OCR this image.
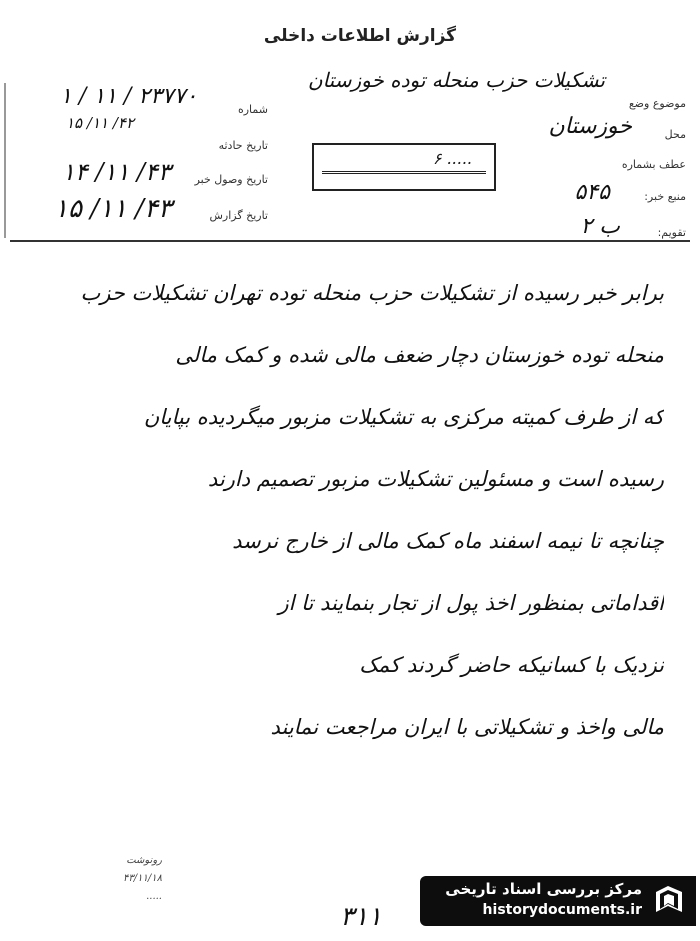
گزارش اطلاعات داخلی
موضوع وضع
تشکیلات حزب منحله توده خوزستان
محل
خوزستان
عطف بشماره
منبع خبر:
۵۴۵
تقویم:
ب ۲
شماره
۲۳۷۷۰ / ۱۱ / ۱
۴۲/ ۱۱/ ۱۵
تاریخ حادثه
تاریخ وصول خبر
۴۳/ ۱۱/ ۱۴
تاریخ گزارش
۴۳/ ۱۱/ ۱۵
۶ .....
برابر خبر رسیده از تشکیلات حزب منحله توده تهران تشکیلات حزب
منحله توده خوزستان دچار ضعف مالی شده و کمک مالی
که از طرف کمیته مرکزی به تشکیلات مزبور میگردیده بپایان
رسیده است و مسئولین تشکیلات مزبور تصمیم دارند
چنانچه تا نیمه اسفند ماه کمک مالی از خارج نرسد
اقداماتی بمنظور اخذ پول از تجار بنمایند تا از
نزدیک با کسانیکه حاضر گردند کمک
مالی واخذ و تشکیلاتی با ایران مراجعت نمایند
رونوشت
۴۳/۱۱/۱۸
.....
۳۱۱
مرکز بررسی اسناد تاریخی
historydocuments.ir
